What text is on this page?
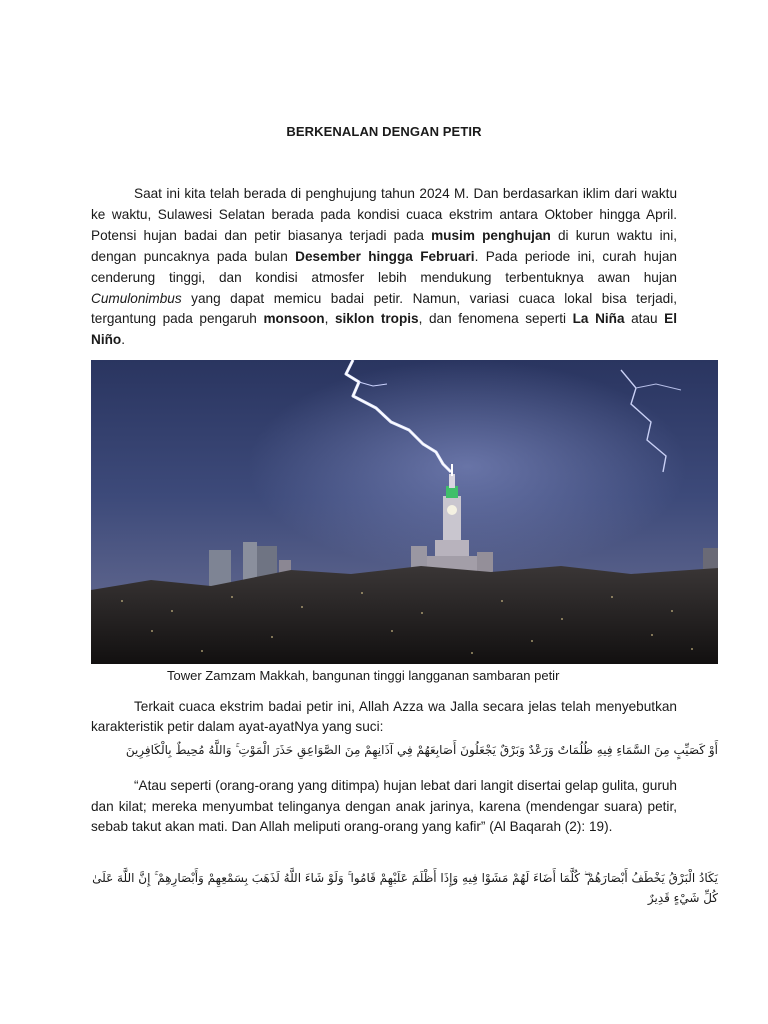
BERKENALAN DENGAN PETIR

Saat ini kita telah berada di penghujung tahun 2024 M. Dan berdasarkan iklim dari waktu ke waktu, Sulawesi Selatan berada pada kondisi cuaca ekstrim antara Oktober hingga April. Potensi hujan badai dan petir biasanya terjadi pada musim penghujan di kurun waktu ini, dengan puncaknya pada bulan Desember hingga Februari. Pada periode ini, curah hujan cenderung tinggi, dan kondisi atmosfer lebih mendukung terbentuknya awan hujan Cumulonimbus yang dapat memicu badai petir. Namun, variasi cuaca lokal bisa terjadi, tergantung pada pengaruh monsoon, siklon tropis, dan fenomena seperti La Niña atau El Niño.

Tower Zamzam Makkah, bangunan tinggi langganan sambaran petir

Terkait cuaca ekstrim badai petir ini, Allah Azza wa Jalla secara jelas telah menyebutkan karakteristik petir dalam ayat-ayatNya yang suci:

أَوْ كَصَيِّبٍ مِنَ السَّمَاءِ فِيهِ ظُلُمَاتٌ وَرَعْدٌ وَبَرْقٌ يَجْعَلُونَ أَصَابِعَهُمْ فِي آذَانِهِمْ مِنَ الصَّوَاعِقِ حَذَرَ الْمَوْتِ ۚ وَاللَّهُ مُحِيطٌ بِالْكَافِرِينَ

“Atau seperti (orang-orang yang ditimpa) hujan lebat dari langit disertai gelap gulita, guruh dan kilat; mereka menyumbat telinganya dengan anak jarinya, karena (mendengar suara) petir, sebab takut akan mati. Dan Allah meliputi orang-orang yang kafir” (Al Baqarah (2): 19).

يَكَادُ الْبَرْقُ يَخْطَفُ أَبْصَارَهُمْ ۖ كُلَّمَا أَضَاءَ لَهُمْ مَشَوْا فِيهِ وَإِذَا أَظْلَمَ عَلَيْهِمْ قَامُوا ۚ وَلَوْ شَاءَ اللَّهُ لَذَهَبَ بِسَمْعِهِمْ وَأَبْصَارِهِمْ ۚ إِنَّ اللَّهَ عَلَىٰ كُلِّ شَيْءٍ قَدِيرٌ
